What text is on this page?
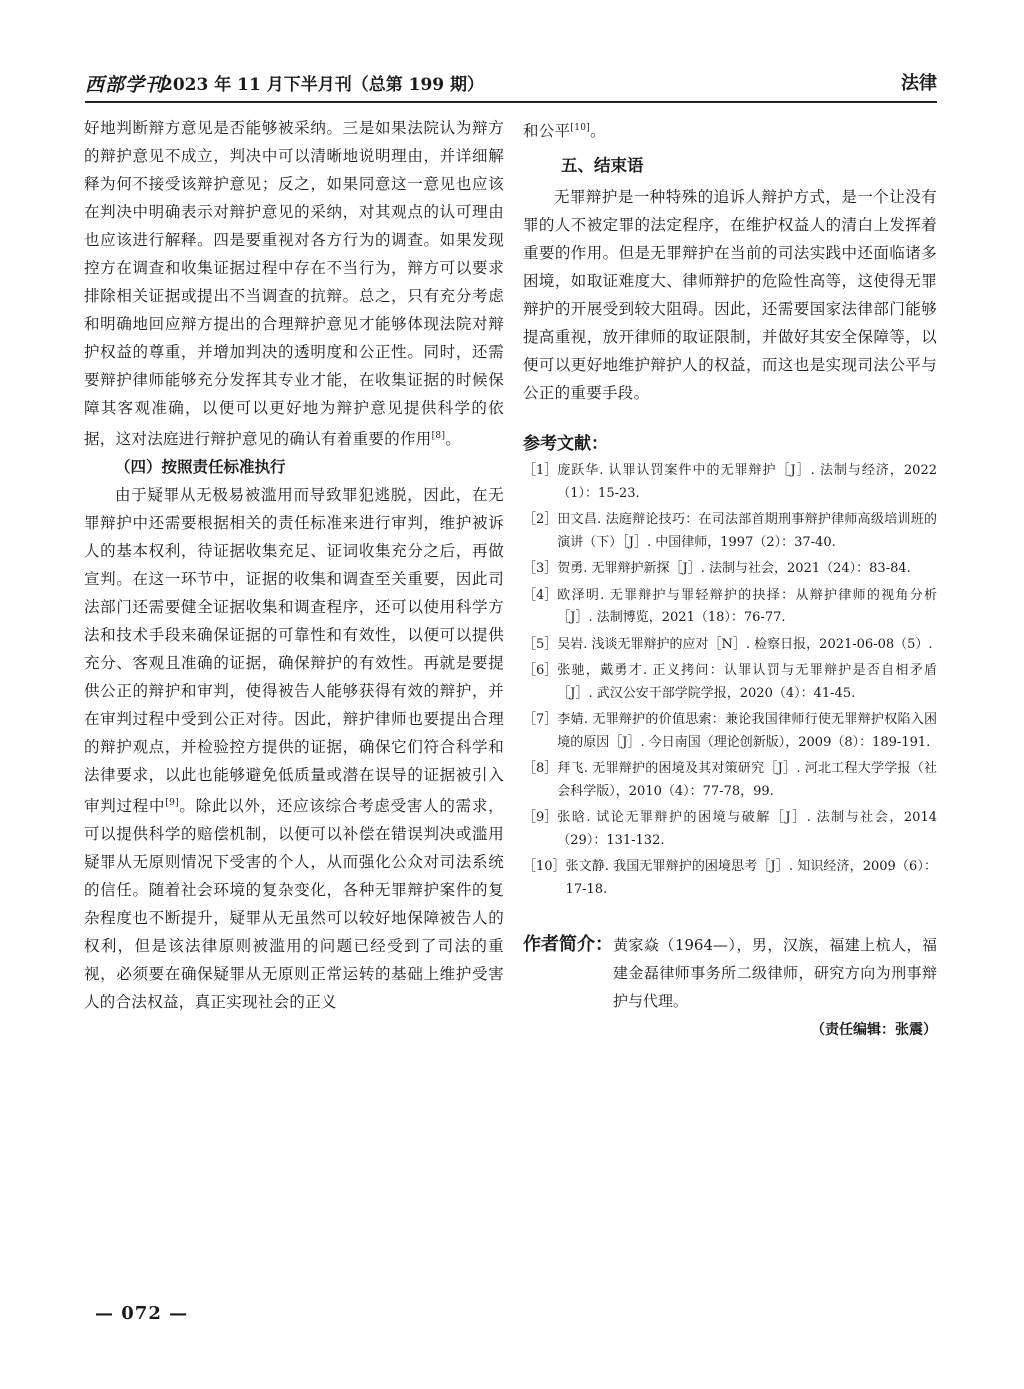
西部学刊
2023 年 11 月下半月刊（总第 199 期）	法律

好地判断辩方意见是否能够被采纳。三是如果法院认为辩方的辩护意见不成立，判决中可以清晰地说明理由，并详细解释为何不接受该辩护意见；反之，如果同意这一意见也应该在判决中明确表示对辩护意见的采纳，对其观点的认可理由也应该进行解释。四是要重视对各方行为的调查。如果发现控方在调查和收集证据过程中存在不当行为，辩方可以要求排除相关证据或提出不当调查的抗辩。总之，只有充分考虑和明确地回应辩方提出的合理辩护意见才能够体现法院对辩护权益的尊重，并增加判决的透明度和公正性。同时，还需要辩护律师能够充分发挥其专业才能，在收集证据的时候保障其客观准确，以便可以更好地为辩护意见提供科学的依据，这对法庭进行辩护意见的确认有着重要的作用[8]。

（四）按照责任标准执行

由于疑罪从无极易被滥用而导致罪犯逃脱，因此，在无罪辩护中还需要根据相关的责任标准来进行审判，维护被诉人的基本权利，待证据收集充足、证词收集充分之后，再做宣判。在这一环节中，证据的收集和调查至关重要，因此司法部门还需要健全证据收集和调查程序，还可以使用科学方法和技术手段来确保证据的可靠性和有效性，以便可以提供充分、客观且准确的证据，确保辩护的有效性。再就是要提供公正的辩护和审判，使得被告人能够获得有效的辩护，并在审判过程中受到公正对待。因此，辩护律师也要提出合理的辩护观点，并检验控方提供的证据，确保它们符合科学和法律要求，以此也能够避免低质量或潜在误导的证据被引入审判过程中[9]。除此以外，还应该综合考虑受害人的需求，可以提供科学的赔偿机制，以便可以补偿在错误判决或滥用疑罪从无原则情况下受害的个人，从而强化公众对司法系统的信任。随着社会环境的复杂变化，各种无罪辩护案件的复杂程度也不断提升，疑罪从无虽然可以较好地保障被告人的权利，但是该法律原则被滥用的问题已经受到了司法的重视，必须要在确保疑罪从无原则正常运转的基础上维护受害人的合法权益，真正实现社会的正义

和公平[10]。

五、结束语

无罪辩护是一种特殊的追诉人辩护方式，是一个让没有罪的人不被定罪的法定程序，在维护权益人的清白上发挥着重要的作用。但是无罪辩护在当前的司法实践中还面临诸多困境，如取证难度大、律师辩护的危险性高等，这使得无罪辩护的开展受到较大阻碍。因此，还需要国家法律部门能够提高重视，放开律师的取证限制，并做好其安全保障等，以便可以更好地维护辩护人的权益，而这也是实现司法公平与公正的重要手段。

参考文献：
［1］ 庞跃华. 认罪认罚案件中的无罪辩护［J］. 法制与经济，2022（1）：15-23.
［2］ 田文昌. 法庭辩论技巧：在司法部首期刑事辩护律师高级培训班的演讲（下）［J］. 中国律师，1997（2）：37-40.
［3］ 贺勇. 无罪辩护新探［J］. 法制与社会，2021（24）：83-84.
［4］ 欧泽明. 无罪辩护与罪轻辩护的抉择：从辩护律师的视角分析［J］. 法制博览，2021（18）：76-77.
［5］ 吴岩. 浅谈无罪辩护的应对［N］. 检察日报，2021-06-08（5）.
［6］ 张驰，戴勇才. 正义拷问：认罪认罚与无罪辩护是否自相矛盾［J］. 武汉公安干部学院学报，2020（4）：41-45.
［7］ 李婧. 无罪辩护的价值思索：兼论我国律师行使无罪辩护权陷入困境的原因［J］. 今日南国（理论创新版），2009（8）：189-191.
［8］ 拜飞. 无罪辩护的困境及其对策研究［J］. 河北工程大学学报（社会科学版），2010（4）：77-78，99.
［9］ 张晗. 试论无罪辩护的困境与破解［J］. 法制与社会，2014（29）：131-132.
［10］ 张文静. 我国无罪辩护的困境思考［J］. 知识经济，2009（6）：17-18.
作者简介： 黄家焱（1964—），男，汉族，福建上杭人，福建金磊律师事务所二级律师，研究方向为刑事辩护与代理。
（责任编辑：张震）
— 072 —
